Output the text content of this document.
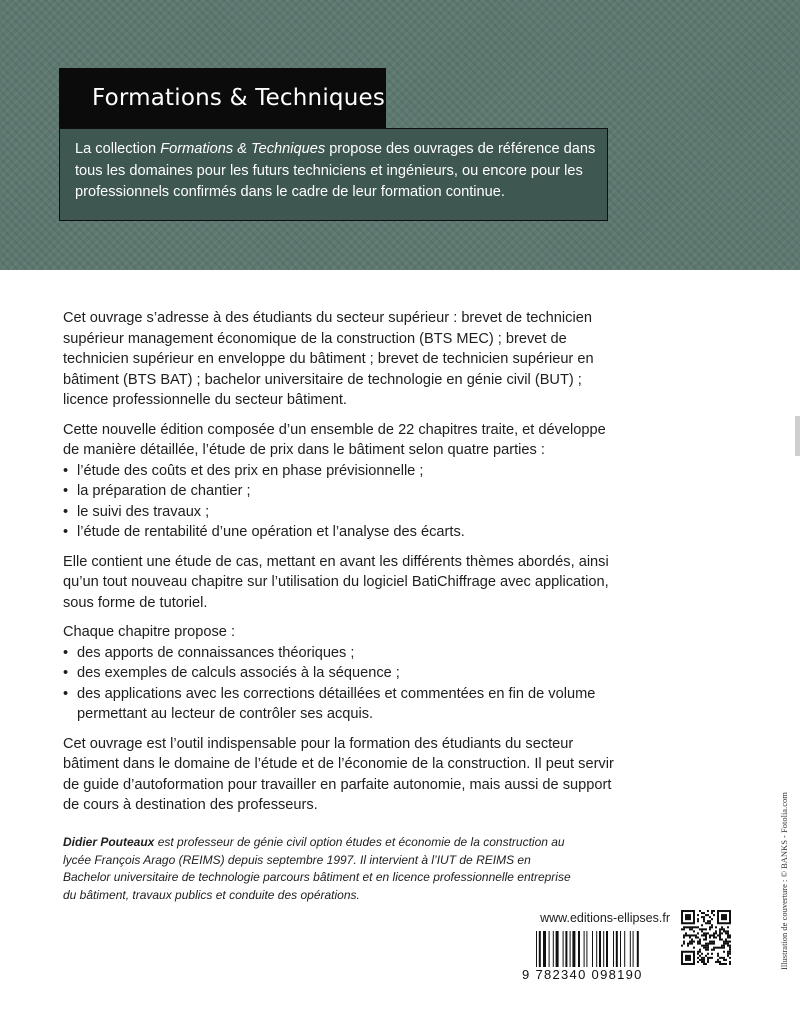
Formations & Techniques
La collection Formations & Techniques propose des ouvrages de référence dans tous les domaines pour les futurs techniciens et ingénieurs, ou encore pour les professionnels confirmés dans le cadre de leur formation continue.

Cet ouvrage s’adresse à des étudiants du secteur supérieur : brevet de technicien supérieur management économique de la construction (BTS MEC) ; brevet de technicien supérieur en enveloppe du bâtiment ; brevet de technicien supérieur en bâtiment (BTS BAT) ; bachelor universitaire de technologie en génie civil (BUT) ; licence professionnelle du secteur bâtiment.

Cette nouvelle édition composée d’un ensemble de 22 chapitres traite, et développe de manière détaillée, l’étude de prix dans le bâtiment selon quatre parties :

• l’étude des coûts et des prix en phase prévisionnelle ;
• la préparation de chantier ;
• le suivi des travaux ;
• l’étude de rentabilité d’une opération et l’analyse des écarts.

Elle contient une étude de cas, mettant en avant les différents thèmes abordés, ainsi qu’un tout nouveau chapitre sur l’utilisation du logiciel BatiChiffrage avec application, sous forme de tutoriel.

Chaque chapitre propose :

• des apports de connaissances théoriques ;
• des exemples de calculs associés à la séquence ;
• des applications avec les corrections détaillées et commentées en fin de volume permettant au lecteur de contrôler ses acquis.

Cet ouvrage est l’outil indispensable pour la formation des étudiants du secteur bâtiment dans le domaine de l’étude et de l’économie de la construction. Il peut servir de guide d’autoformation pour travailler en parfaite autonomie, mais aussi de support de cours à destination des professeurs.

Didier Pouteaux est professeur de génie civil option études et économie de la construction au lycée François Arago (REIMS) depuis septembre 1997. Il intervient à l’IUT de REIMS en Bachelor universitaire de technologie parcours bâtiment et en licence professionnelle entreprise du bâtiment, travaux publics et conduite des opérations.
www.editions-ellipses.fr
9 782340 098190
Illustration de couverture : © BANKS - Fotolia.com
